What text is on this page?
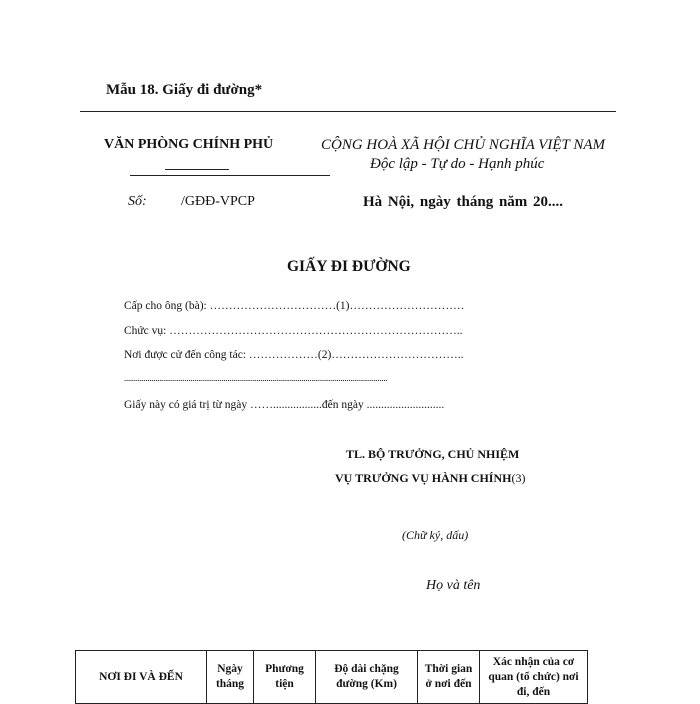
Mẫu 18. Giấy đi đường*
VĂN PHÒNG CHÍNH PHỦ	CỘNG HOÀ XÃ HỘI CHỦ NGHĨA VIỆT NAM
Độc lập - Tự do - Hạnh phúc
Số: /GĐĐ-VPCP	Hà Nội, ngày tháng năm 20....
GIẤY ĐI ĐƯỜNG
Cấp cho ông (bà): ……………………………(1)…………………………
Chức vụ: …………………………………………………………………..
Nơi được cử đến công tác: ………………(2)……………………………..
.......................................................................................................................................
Giấy này có giá trị từ ngày …….................đến ngày ...........................
TL. BỘ TRƯỞNG, CHỦ NHIỆM
VỤ TRƯỞNG VỤ HÀNH CHÍNH(3)
(Chữ ký, dấu)
Họ và tên
NƠI ĐI VÀ ĐẾN	Ngày tháng	Phương tiện	Độ dài chặng đường (Km)	Thời gian ở nơi đến	Xác nhận của cơ quan (tổ chức) nơi đi, đến
